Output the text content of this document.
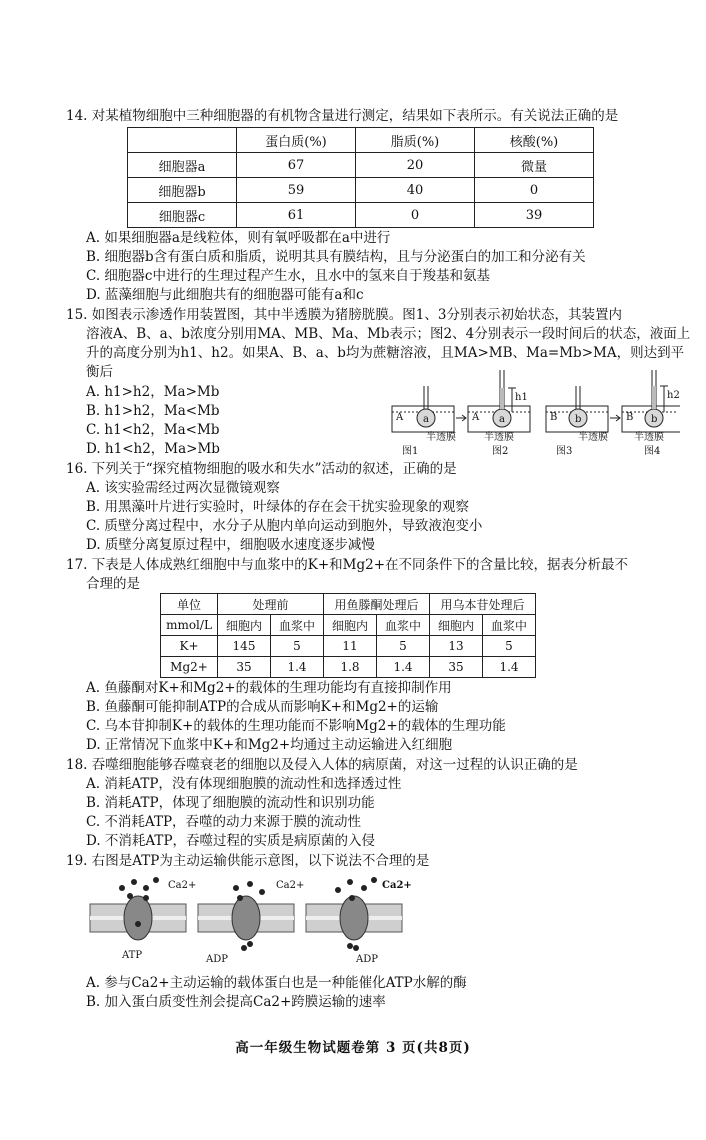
14. 对某植物细胞中三种细胞器的有机物含量进行测定，结果如下表所示。有关说法正确的是
	蛋白质(%)	脂质(%)	核酸(%)
细胞器a	67	20	微量
细胞器b	59	40	0
细胞器c	61	0	39
A. 如果细胞器a是线粒体，则有氧呼吸都在a中进行
B. 细胞器b含有蛋白质和脂质，说明其具有膜结构，且与分泌蛋白的加工和分泌有关
C. 细胞器c中进行的生理过程产生水，且水中的氢来自于羧基和氨基
D. 蓝藻细胞与此细胞共有的细胞器可能有a和c
15. 如图表示渗透作用装置图，其中半透膜为猪膀胱膜。图1、3分别表示初始状态，其装置内
溶液A、B、a、b浓度分别用MA、MB、Ma、Mb表示；图2、4分别表示一段时间后的状态，液面上
升的高度分别为h1、h2。如果A、B、a、b均为蔗糖溶液，且MA>MB、Ma=Mb>MA，则达到平
衡后
A. h1>h2，Ma>Mb
B. h1>h2，Ma<Mb
C. h1<h2，Ma<Mb
D. h1<h2，Ma>Mb
A a	A a	B b	B b
h1	h2
半透膜	半透膜	半透膜	半透膜
图1	图2	图3	图4
16. 下列关于“探究植物细胞的吸水和失水”活动的叙述，正确的是
A. 该实验需经过两次显微镜观察
B. 用黑藻叶片进行实验时，叶绿体的存在会干扰实验现象的观察
C. 质壁分离过程中，水分子从胞内单向运动到胞外，导致液泡变小
D. 质壁分离复原过程中，细胞吸水速度逐步减慢
17. 下表是人体成熟红细胞中与血浆中的K+和Mg2+在不同条件下的含量比较，据表分析最不
合理的是
单位	处理前		用鱼滕酮处理后		用乌本苷处理后	
mmol/L	细胞内	血浆中	细胞内	血浆中	细胞内	血浆中
K+	145	5	11	5	13	5
Mg2+	35	1.4	1.8	1.4	35	1.4
A. 鱼藤酮对K+和Mg2+的载体的生理功能均有直接抑制作用
B. 鱼藤酮可能抑制ATP的合成从而影响K+和Mg2+的运输
C. 乌本苷抑制K+的载体的生理功能而不影响Mg2+的载体的生理功能
D. 正常情况下血浆中K+和Mg2+均通过主动运输进入红细胞
18. 吞噬细胞能够吞噬衰老的细胞以及侵入人体的病原菌，对这一过程的认识正确的是
A. 消耗ATP，没有体现细胞膜的流动性和选择透过性
B. 消耗ATP，体现了细胞膜的流动性和识别功能
C. 不消耗ATP，吞噬的动力来源于膜的流动性
D. 不消耗ATP，吞噬过程的实质是病原菌的入侵
19. 右图是ATP为主动运输供能示意图，以下说法不合理的是
Ca2+	Ca2+	Ca2+
ATP	ADP	ADP
A. 参与Ca2+主动运输的载体蛋白也是一种能催化ATP水解的酶
B. 加入蛋白质变性剂会提高Ca2+跨膜运输的速率
高一年级生物试题卷第 3 页(共8页)
